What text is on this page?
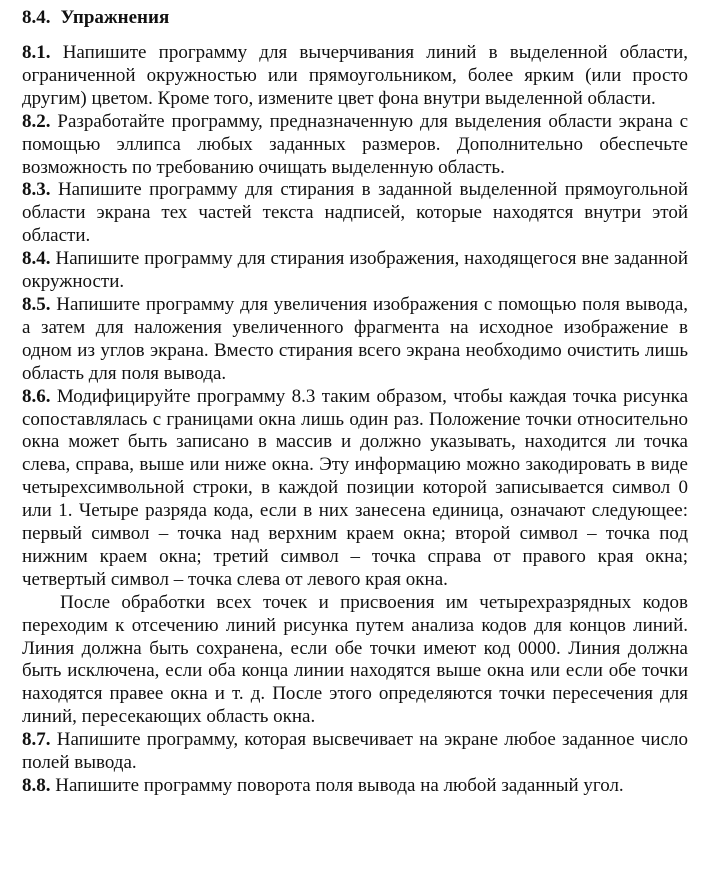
8.4. Упражнения

8.1. Напишите программу для вычерчивания линий в выделенной области, ограниченной окружностью или прямоугольником, более ярким (или просто другим) цветом. Кроме того, измените цвет фона внутри выделенной области.

8.2. Разработайте программу, предназначенную для выделения области экрана с помощью эллипса любых заданных размеров. Дополнительно обеспечьте возможность по требованию очищать выделенную область.

8.3. Напишите программу для стирания в заданной выделенной прямоугольной области экрана тех частей текста надписей, которые находятся внутри этой области.

8.4. Напишите программу для стирания изображения, находящегося вне заданной окружности.

8.5. Напишите программу для увеличения изображения с помощью поля вывода, а затем для наложения увеличенного фрагмента на исходное изображение в одном из углов экрана. Вместо стирания всего экрана необходимо очистить лишь область для поля вывода.

8.6. Модифицируйте программу 8.3 таким образом, чтобы каждая точка рисунка сопоставлялась с границами окна лишь один раз. Положение точки относительно окна может быть записано в массив и должно указывать, находится ли точка слева, справа, выше или ниже окна. Эту информацию можно закодировать в виде четырехсимвольной строки, в каждой позиции которой записывается символ 0 или 1. Четыре разряда кода, если в них занесена единица, означают следующее: первый символ – точка над верхним краем окна; второй символ – точка под нижним краем окна; третий символ – точка справа от правого края окна; четвертый символ – точка слева от левого края окна.

После обработки всех точек и присвоения им четырехразрядных кодов переходим к отсечению линий рисунка путем анализа кодов для концов линий. Линия должна быть сохранена, если обе точки имеют код 0000. Линия должна быть исключена, если оба конца линии находятся выше окна или если обе точки находятся правее окна и т. д. После этого определяются точки пересечения для линий, пересекающих область окна.

8.7. Напишите программу, которая высвечивает на экране любое заданное число полей вывода.

8.8. Напишите программу поворота поля вывода на любой заданный угол.
